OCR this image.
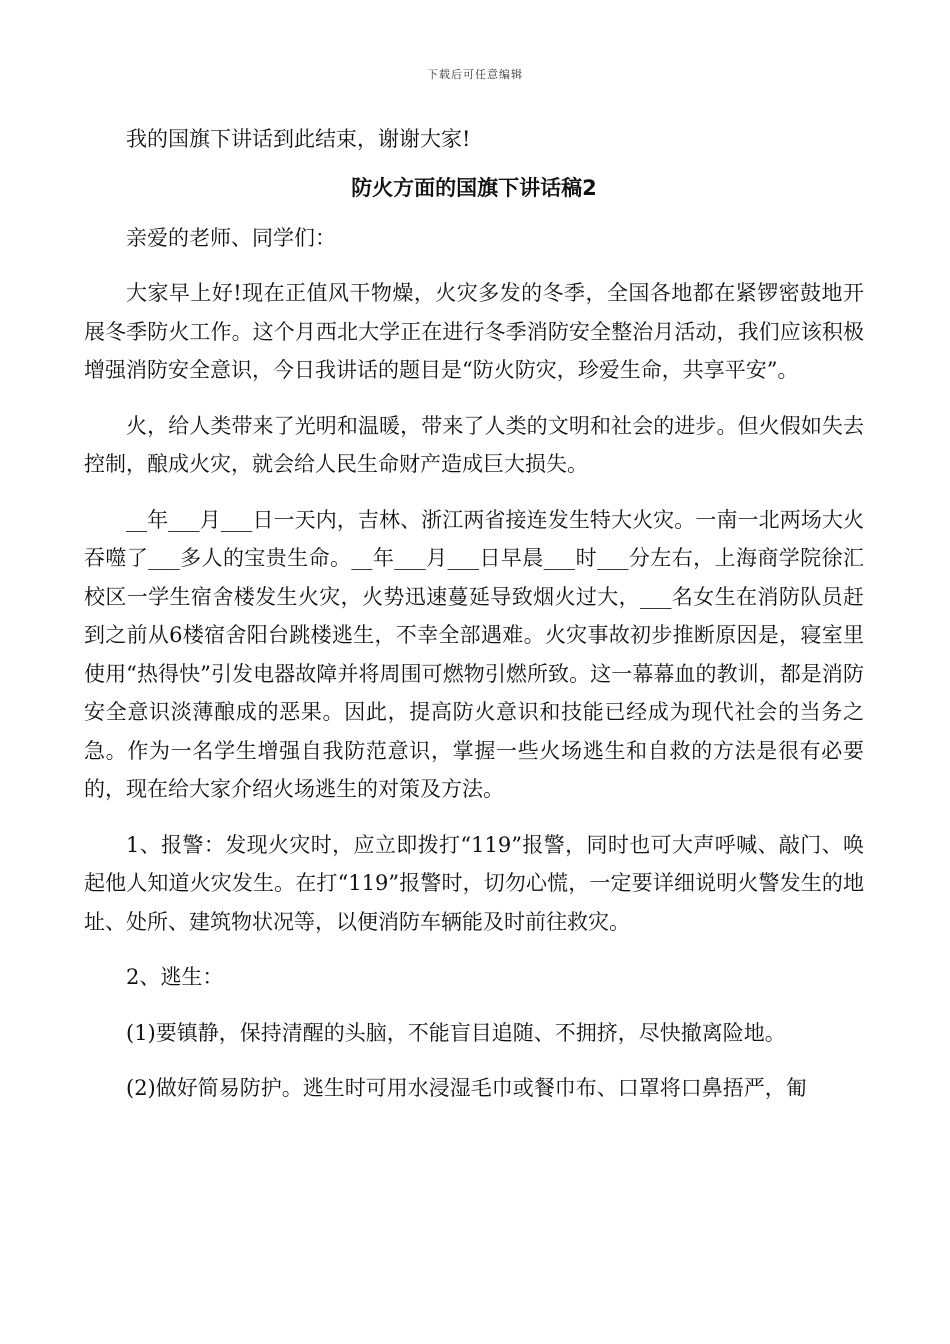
下载后可任意编辑

我的国旗下讲话到此结束，谢谢大家!

防火方面的国旗下讲话稿2

亲爱的老师、同学们：

大家早上好!现在正值风干物燥，火灾多发的冬季，全国各地都在紧锣密鼓地开展冬季防火工作。这个月西北大学正在进行冬季消防安全整治月活动，我们应该积极增强消防安全意识，今日我讲话的题目是“防火防灾，珍爱生命，共享平安”。

火，给人类带来了光明和温暖，带来了人类的文明和社会的进步。但火假如失去控制，酿成火灾，就会给人民生命财产造成巨大损失。

__年___月___日一天内，吉林、浙江两省接连发生特大火灾。一南一北两场大火吞噬了___多人的宝贵生命。__年___月___日早晨___时___分左右，上海商学院徐汇校区一学生宿舍楼发生火灾，火势迅速蔓延导致烟火过大，___名女生在消防队员赶到之前从6楼宿舍阳台跳楼逃生，不幸全部遇难。火灾事故初步推断原因是，寝室里使用“热得快”引发电器故障并将周围可燃物引燃所致。这一幕幕血的教训，都是消防安全意识淡薄酿成的恶果。因此，提高防火意识和技能已经成为现代社会的当务之急。作为一名学生增强自我防范意识，掌握一些火场逃生和自救的方法是很有必要的，现在给大家介绍火场逃生的对策及方法。

1、报警：发现火灾时，应立即拨打“119”报警，同时也可大声呼喊、敲门、唤起他人知道火灾发生。在打“119”报警时，切勿心慌，一定要详细说明火警发生的地址、处所、建筑物状况等，以便消防车辆能及时前往救灾。

2、逃生：

(1)要镇静，保持清醒的头脑，不能盲目追随、不拥挤，尽快撤离险地。

(2)做好简易防护。逃生时可用水浸湿毛巾或餐巾布、口罩将口鼻捂严，匍
